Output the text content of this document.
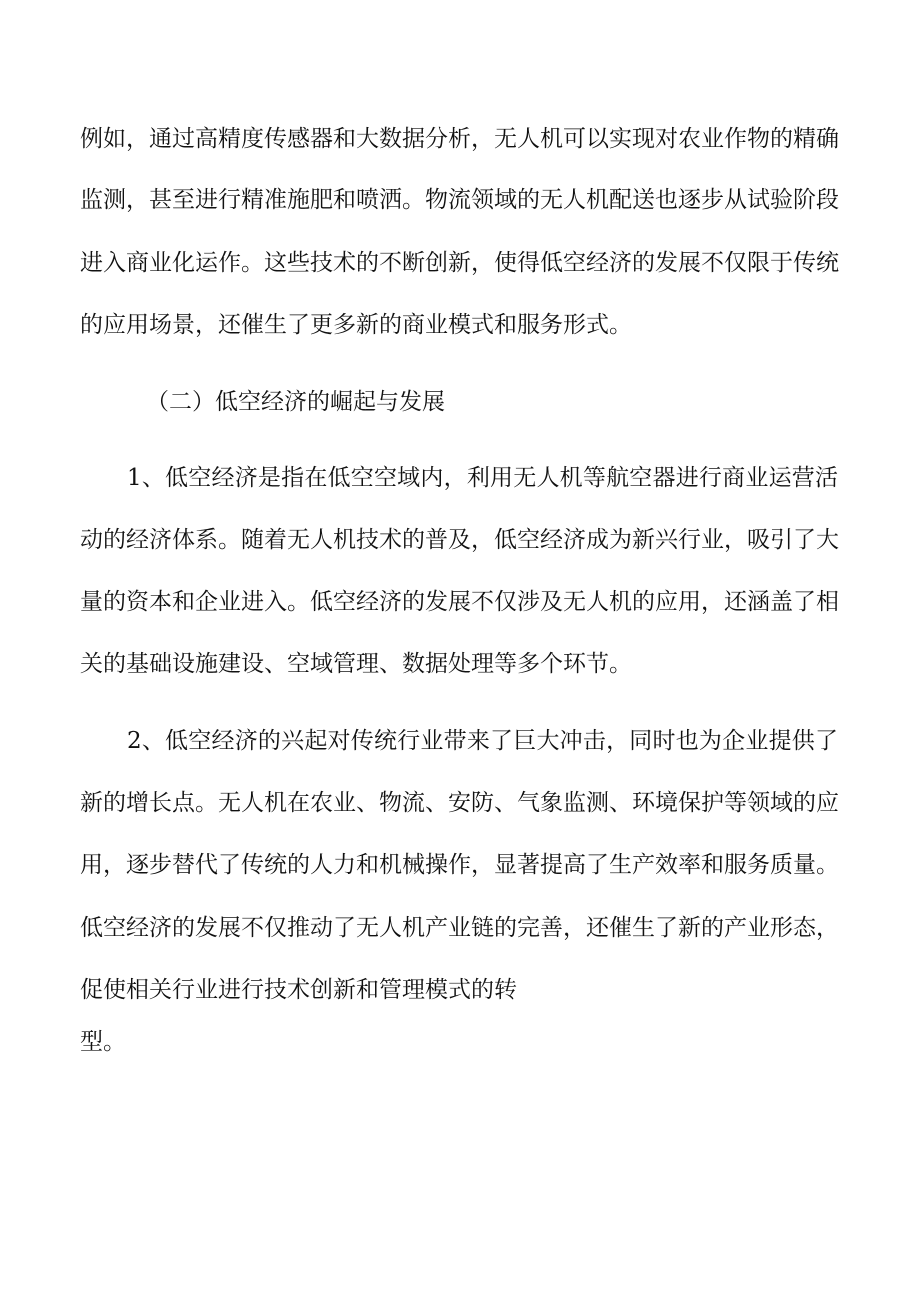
例如，通过高精度传感器和大数据分析，无人机可以实现对农业作物的精确

监测，甚至进行精准施肥和喷洒。物流领域的无人机配送也逐步从试验阶段

进入商业化运作。这些技术的不断创新，使得低空经济的发展不仅限于传统

的应用场景，还催生了更多新的商业模式和服务形式。

（二）低空经济的崛起与发展

1、低空经济是指在低空空域内，利用无人机等航空器进行商业运营活

动的经济体系。随着无人机技术的普及，低空经济成为新兴行业，吸引了大

量的资本和企业进入。低空经济的发展不仅涉及无人机的应用，还涵盖了相

关的基础设施建设、空域管理、数据处理等多个环节。

2、低空经济的兴起对传统行业带来了巨大冲击，同时也为企业提供了

新的增长点。无人机在农业、物流、安防、气象监测、环境保护等领域的应

用，逐步替代了传统的人力和机械操作，显著提高了生产效率和服务质量。

低空经济的发展不仅推动了无人机产业链的完善，还催生了新的产业形态，

促使相关行业进行技术创新和管理模式的转

型。
